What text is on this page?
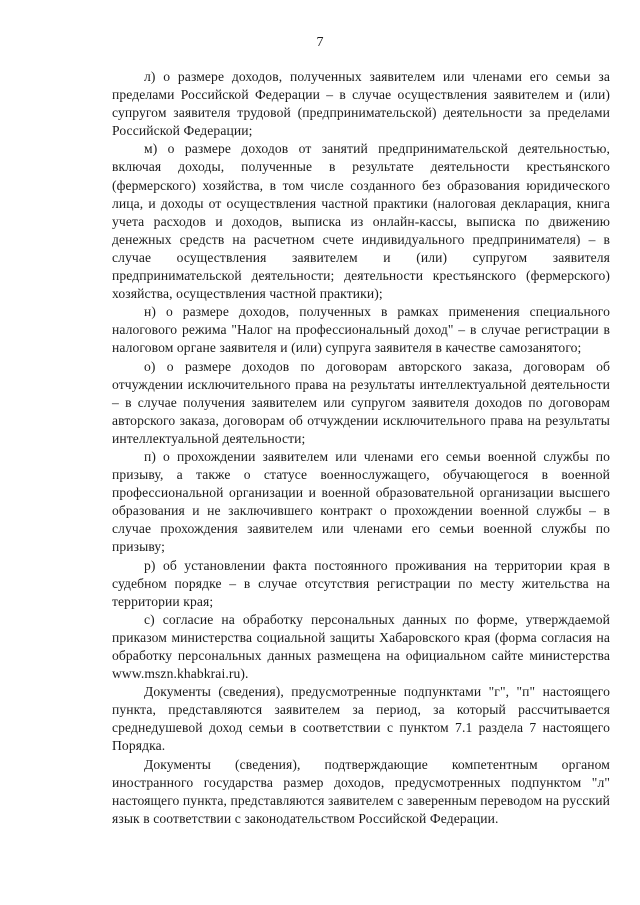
7

л) о размере доходов, полученных заявителем или членами его семьи за пределами Российской Федерации – в случае осуществления заявителем и (или) супругом заявителя трудовой (предпринимательской) деятельности за пределами Российской Федерации;

м) о размере доходов от занятий предпринимательской деятельностью, включая доходы, полученные в результате деятельности крестьянского (фермерского) хозяйства, в том числе созданного без образования юридического лица, и доходы от осуществления частной практики (налоговая декларация, книга учета расходов и доходов, выписка из онлайн-кассы, выписка по движению денежных средств на расчетном счете индивидуального предпринимателя) – в случае осуществления заявителем и (или) супругом заявителя предпринимательской деятельности; деятельности крестьянского (фермерского) хозяйства, осуществления частной практики);

н) о размере доходов, полученных в рамках применения специального налогового режима "Налог на профессиональный доход" – в случае регистрации в налоговом органе заявителя и (или) супруга заявителя в качестве самозанятого;

о) о размере доходов по договорам авторского заказа, договорам об отчуждении исключительного права на результаты интеллектуальной деятельности – в случае получения заявителем или супругом заявителя доходов по договорам авторского заказа, договорам об отчуждении исключительного права на результаты интеллектуальной деятельности;

п) о прохождении заявителем или членами его семьи военной службы по призыву, а также о статусе военнослужащего, обучающегося в военной профессиональной организации и военной образовательной организации высшего образования и не заключившего контракт о прохождении военной службы – в случае прохождения заявителем или членами его семьи военной службы по призыву;

р) об установлении факта постоянного проживания на территории края в судебном порядке – в случае отсутствия регистрации по месту жительства на территории края;

с) согласие на обработку персональных данных по форме, утверждаемой приказом министерства социальной защиты Хабаровского края (форма согласия на обработку персональных данных размещена на официальном сайте министерства www.mszn.khabkrai.ru).

Документы (сведения), предусмотренные подпунктами "г", "п" настоящего пункта, представляются заявителем за период, за который рассчитывается среднедушевой доход семьи в соответствии с пунктом 7.1 раздела 7 настоящего Порядка.

Документы (сведения), подтверждающие компетентным органом иностранного государства размер доходов, предусмотренных подпунктом "л" настоящего пункта, представляются заявителем с заверенным переводом на русский язык в соответствии с законодательством Российской Федерации.
